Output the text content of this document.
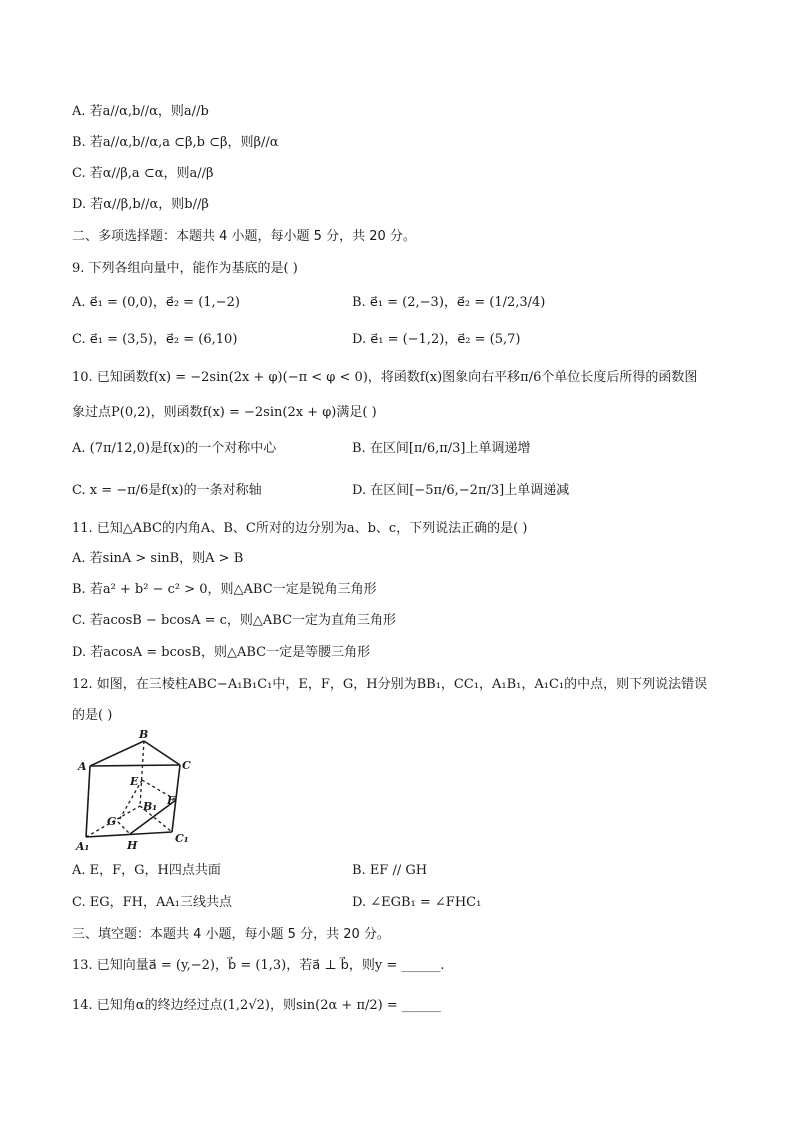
A. 若a//α,b//α，则a//b
B. 若a//α,b//α,a ⊂β,b ⊂β，则β//α
C. 若α//β,a ⊂α，则a//β
D. 若α//β,b//α，则b//β
二、多项选择题：本题共 4 小题，每小题 5 分，共 20 分。
9. 下列各组向量中，能作为基底的是( )
A. e⃗₁ = (0,0)，e⃗₂ = (1,−2)	B. e⃗₁ = (2,−3)，e⃗₂ = (1/2,3/4)
C. e⃗₁ = (3,5)，e⃗₂ = (6,10)	D. e⃗₁ = (−1,2)，e⃗₂ = (5,7)
10. 已知函数f(x) = −2sin(2x + φ)(−π < φ < 0)，将函数f(x)图象向右平移π/6个单位长度后所得的函数图
象过点P(0,2)，则函数f(x) = −2sin(2x + φ)满足( )
A. (7π/12,0)是f(x)的一个对称中心	B. 在区间[π/6,π/3]上单调递增
C. x = −π/6是f(x)的一条对称轴	D. 在区间[−5π/6,−2π/3]上单调递减
11. 已知△ABC的内角A、B、C所对的边分别为a、b、c，下列说法正确的是( )
A. 若sinA > sinB，则A > B
B. 若a² + b² − c² > 0，则△ABC一定是锐角三角形
C. 若acosB − bcosA = c，则△ABC一定为直角三角形
D. 若acosA = bcosB，则△ABC一定是等腰三角形
12. 如图，在三棱柱ABC−A₁B₁C₁中，E，F，G，H分别为BB₁，CC₁，A₁B₁，A₁C₁的中点，则下列说法错误
的是( )
A
B
C
E
B₁ F
G
H
A₁
C₁
A. E，F，G，H四点共面	B. EF // GH
C. EG，FH，AA₁三线共点	D. ∠EGB₁ = ∠FHC₁
三、填空题：本题共 4 小题，每小题 5 分，共 20 分。
13. 已知向量a⃗ = (y,−2)，b⃗ = (1,3)，若a⃗ ⊥ b⃗，则y = ______.
14. 已知角α的终边经过点(1,2√2)，则sin(2α + π/2) = ______
